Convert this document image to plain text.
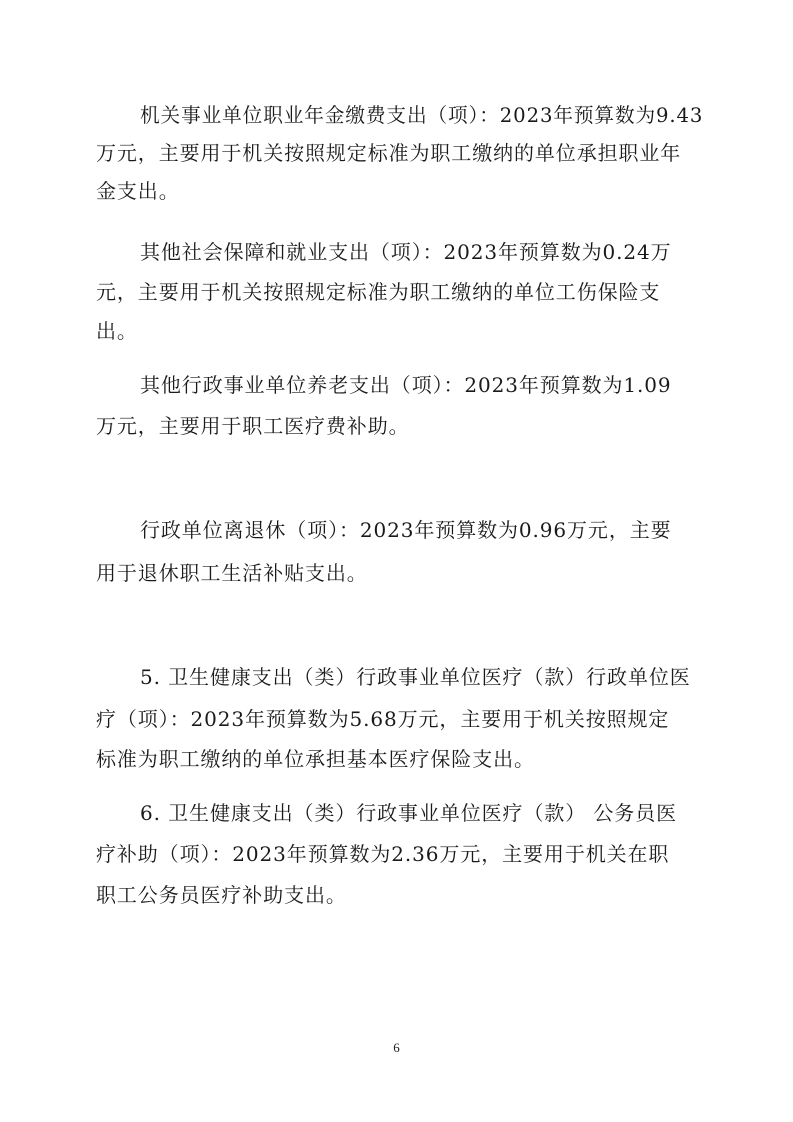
机关事业单位职业年金缴费支出（项）：2023年预算数为9.43
万元，主要用于机关按照规定标准为职工缴纳的单位承担职业年
金支出。
其他社会保障和就业支出（项）：2023年预算数为0.24万
元，主要用于机关按照规定标准为职工缴纳的单位工伤保险支
出。
其他行政事业单位养老支出（项）：2023年预算数为1.09
万元，主要用于职工医疗费补助。
行政单位离退休（项）：2023年预算数为0.96万元，主要
用于退休职工生活补贴支出。
5. 卫生健康支出（类）行政事业单位医疗（款）行政单位医
疗（项）：2023年预算数为5.68万元，主要用于机关按照规定
标准为职工缴纳的单位承担基本医疗保险支出。
6. 卫生健康支出（类）行政事业单位医疗（款） 公务员医
疗补助（项）：2023年预算数为2.36万元，主要用于机关在职
职工公务员医疗补助支出。
6
